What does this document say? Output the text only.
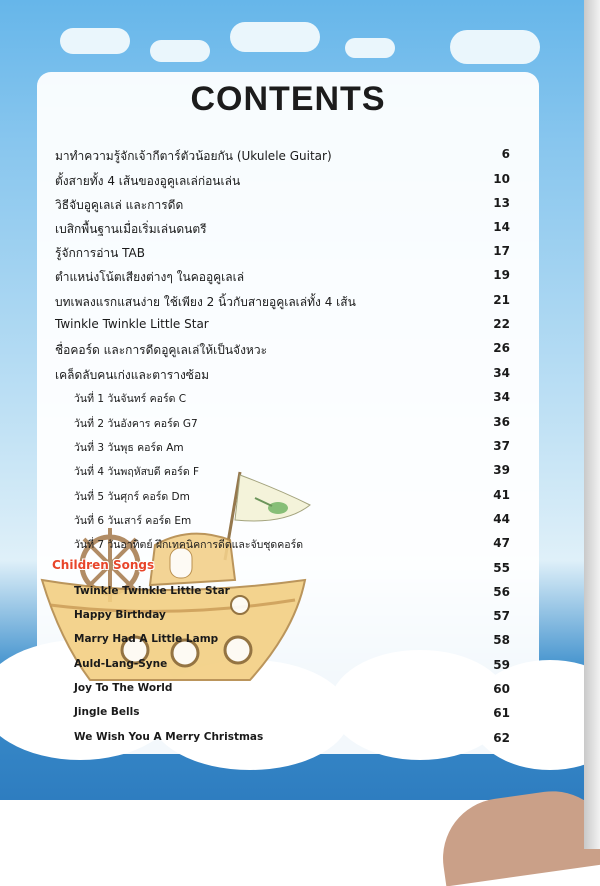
CONTENTS
มาทำความรู้จักเจ้ากีตาร์ตัวน้อยกัน (Ukulele Guitar)	6
ตั้งสายทั้ง 4 เส้นของอูคูเลเล่ก่อนเล่น	10
วิธีจับอูคูเลเล่ และการดีด	13
เบสิกพื้นฐานเมื่อเริ่มเล่นดนตรี	14
รู้จักการอ่าน TAB	17
ตำแหน่งโน้ตเสียงต่างๆ ในคออูคูเลเล่	19
บทเพลงแรกแสนง่าย ใช้เพียง 2 นิ้วกับสายอูคูเลเล่ทั้ง 4 เส้น	21
Twinkle Twinkle Little Star	22
ชื่อคอร์ด และการดีดอูคูเลเล่ให้เป็นจังหวะ	26
เคล็ดลับคนเก่งและตารางซ้อม	34
วันที่ 1 วันจันทร์ คอร์ด C	34
วันที่ 2 วันอังคาร คอร์ด G7	36
วันที่ 3 วันพุธ คอร์ด Am	37
วันที่ 4 วันพฤหัสบดี คอร์ด F	39
วันที่ 5 วันศุกร์ คอร์ด Dm	41
วันที่ 6 วันเสาร์ คอร์ด Em	44
วันที่ 7 วันอาทิตย์ ฝึกเทคนิคการดีดและจับชุดคอร์ด	47
Children Songs	55
Twinkle Twinkle Little Star	56
Happy Birthday	57
Marry Had A Little Lamp	58
Auld-Lang-Syne	59
Joy To The World	60
Jingle Bells	61
We Wish You A Merry Christmas	62
